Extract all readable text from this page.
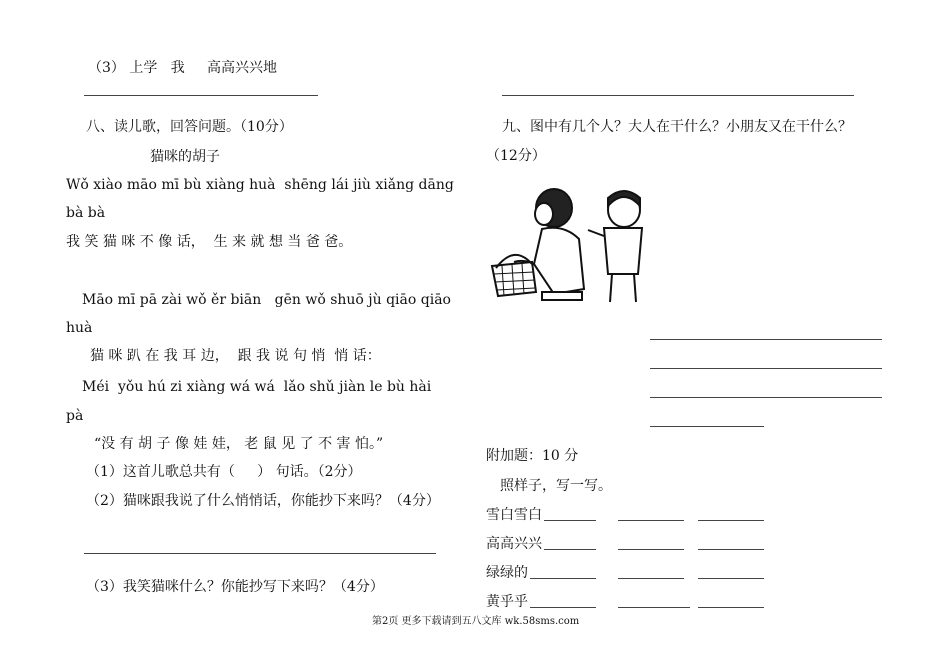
（3） 上学   我     高高兴兴地
八、读儿歌，回答问题。（10分）
猫咪的胡子
Wǒ xiào māo mī bù xiàng huà  shēng lái jiù xiǎng dāng
bà bà
我 笑 猫 咪 不 像 话，  生 来 就 想 当 爸 爸。
Māo mī pā zài wǒ ěr biān   gēn wǒ shuō jù qiāo qiāo
huà
猫 咪 趴 在 我 耳 边，  跟 我 说 句 悄  悄 话：
Méi  yǒu hú zi xiàng wá wá  lǎo shǔ jiàn le bù hài
pà
“没 有 胡 子 像 娃 娃， 老 鼠 见 了 不 害 怕。”
（1）这首儿歌总共有（     ） 句话。（2分）
（2）猫咪跟我说了什么悄悄话，你能抄下来吗？（4分）
（3）我笑猫咪什么？你能抄写下来吗？（4分）
九、图中有几个人？大人在干什么？小朋友又在干什么？
（12分）
附加题：10 分
照样子，写一写。
雪白雪白
高高兴兴
绿绿的
黄乎乎
第2页 更多下载请到五八文库 wk.58sms.com
